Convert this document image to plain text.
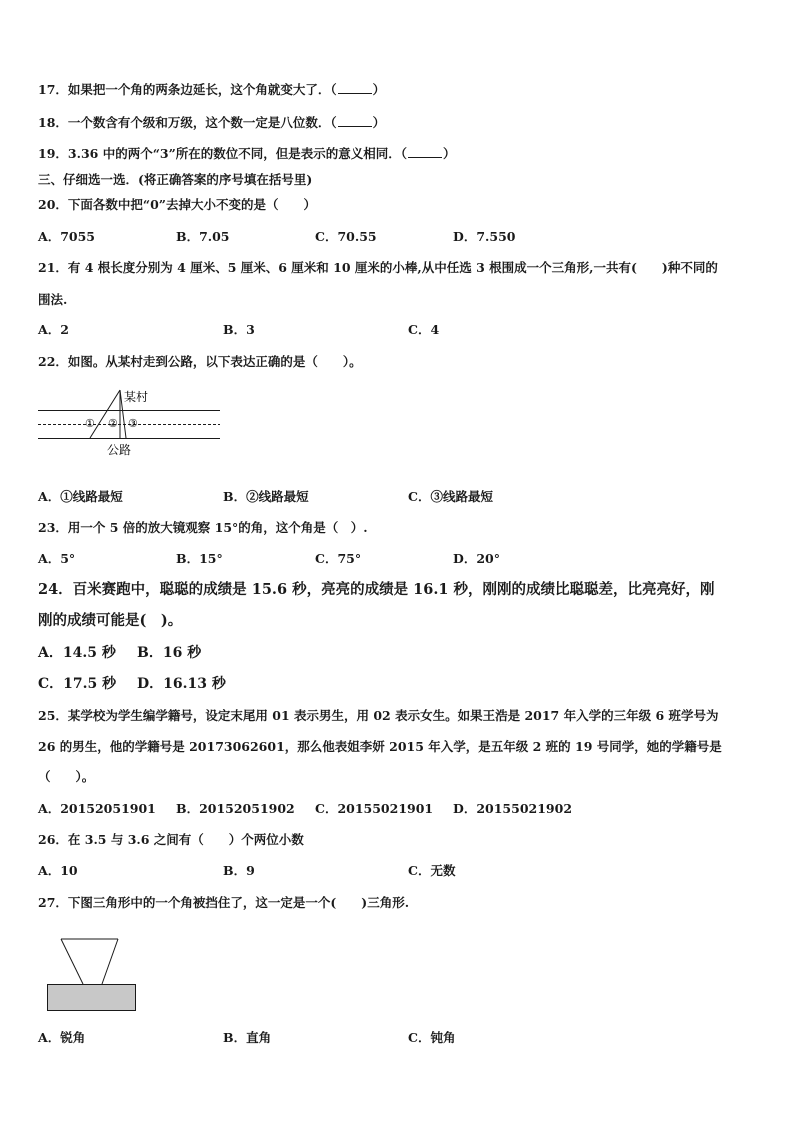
17．如果把一个角的两条边延长，这个角就变大了．（	）
18．一个数含有个级和万级，这个数一定是八位数．（	）
19．3.36 中的两个“3”所在的数位不同，但是表示的意义相同．（	）
三、仔细选一选．(将正确答案的序号填在括号里)
20．下面各数中把“0”去掉大小不变的是（　　）
A．7055	B．7.05	C．70.55	D．7.550
21．有 4 根长度分别为 4 厘米、5 厘米、6 厘米和 10 厘米的小棒,从中任选 3 根围成一个三角形,一共有(　　)种不同的
围法.
A．2	B．3	C．4
22．如图。从某村走到公路，以下表达正确的是（　　）。
某村
① ② ③
公路
A．①线路最短	B．②线路最短	C．③线路最短
23．用一个 5 倍的放大镜观察 15°的角，这个角是（　）.
A．5°	B．15°	C．75°	D．20°
24．百米赛跑中，聪聪的成绩是 15.6 秒，亮亮的成绩是 16.1 秒，刚刚的成绩比聪聪差，比亮亮好，刚
刚的成绩可能是(　)。
A．14.5 秒 B．16 秒
C．17.5 秒 D．16.13 秒
25．某学校为学生编学籍号，设定末尾用 01 表示男生，用 02 表示女生。如果王浩是 2017 年入学的三年级 6 班学号为
26 的男生，他的学籍号是 20173062601，那么他表姐李妍 2015 年入学，是五年级 2 班的 19 号同学，她的学籍号是
（　　）。
A．20152051901 B．20152051902 C．20155021901 D．20155021902
26．在 3.5 与 3.6 之间有（　　）个两位小数
A．10	B．9	C．无数
27．下图三角形中的一个角被挡住了，这一定是一个(　　)三角形.
A．锐角	B．直角	C．钝角
